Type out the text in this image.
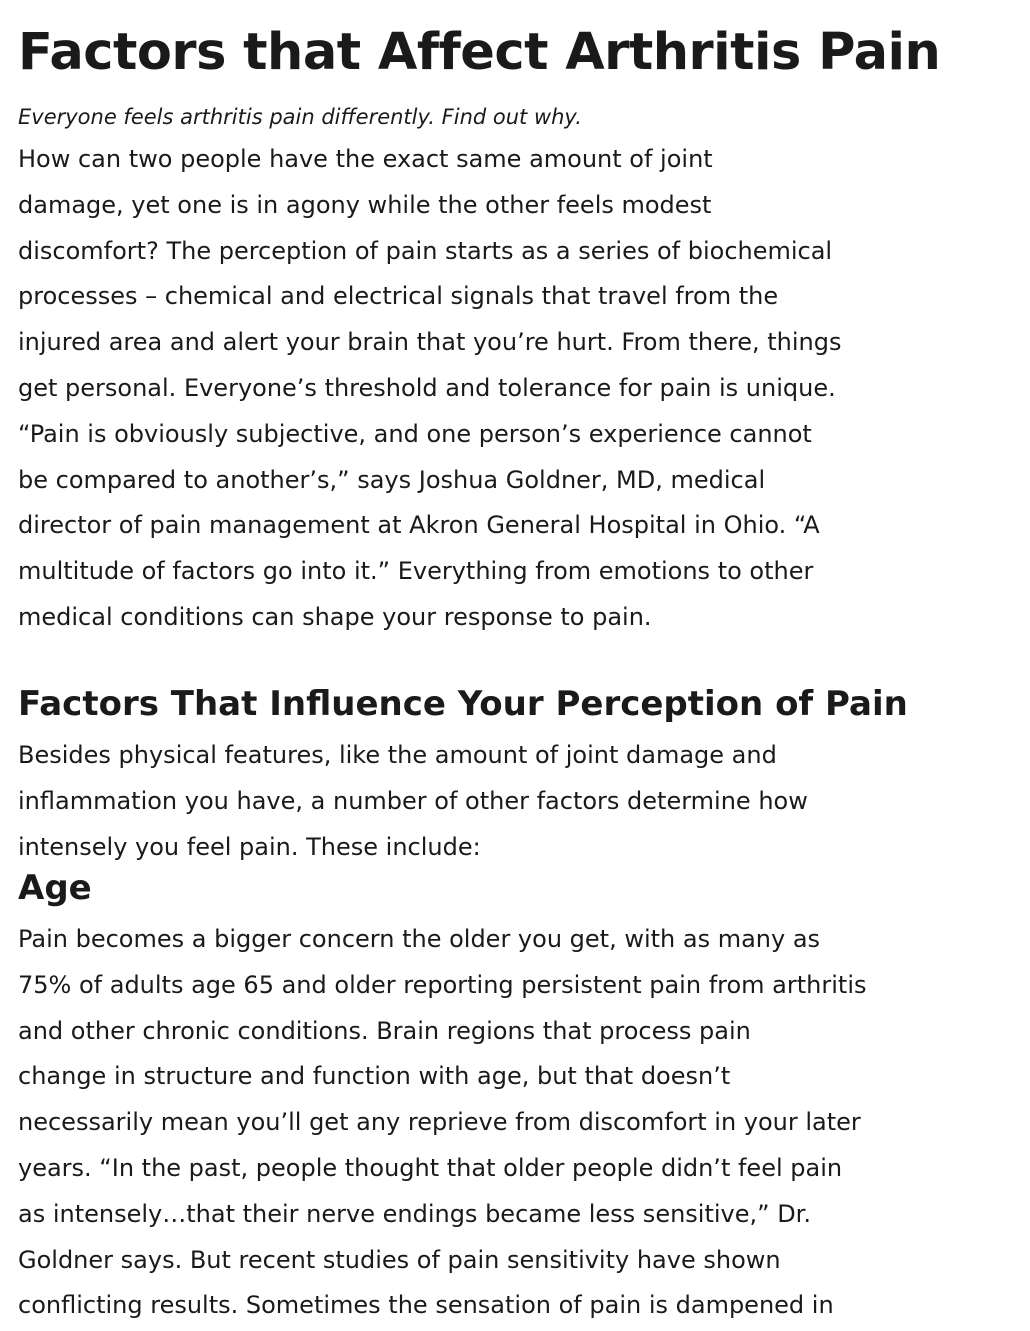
Factors that Affect Arthritis Pain

Everyone feels arthritis pain differently. Find out why.

How can two people have the exact same amount of joint
damage, yet one is in agony while the other feels modest
discomfort? The perception of pain starts as a series of biochemical
processes – chemical and electrical signals that travel from the
injured area and alert your brain that you’re hurt. From there, things
get personal. Everyone’s threshold and tolerance for pain is unique.
“Pain is obviously subjective, and one person’s experience cannot
be compared to another’s,” says Joshua Goldner, MD, medical
director of pain management at Akron General Hospital in Ohio. “A
multitude of factors go into it.” Everything from emotions to other
medical conditions can shape your response to pain.

Factors That Influence Your Perception of Pain

Besides physical features, like the amount of joint damage and
inflammation you have, a number of other factors determine how
intensely you feel pain. These include:

Age

Pain becomes a bigger concern the older you get, with as many as
75% of adults age 65 and older reporting persistent pain from arthritis
and other chronic conditions. Brain regions that process pain
change in structure and function with age, but that doesn’t
necessarily mean you’ll get any reprieve from discomfort in your later
years. “In the past, people thought that older people didn’t feel pain
as intensely…that their nerve endings became less sensitive,” Dr.
Goldner says. But recent studies of pain sensitivity have shown
conflicting results. Sometimes the sensation of pain is dampened in
